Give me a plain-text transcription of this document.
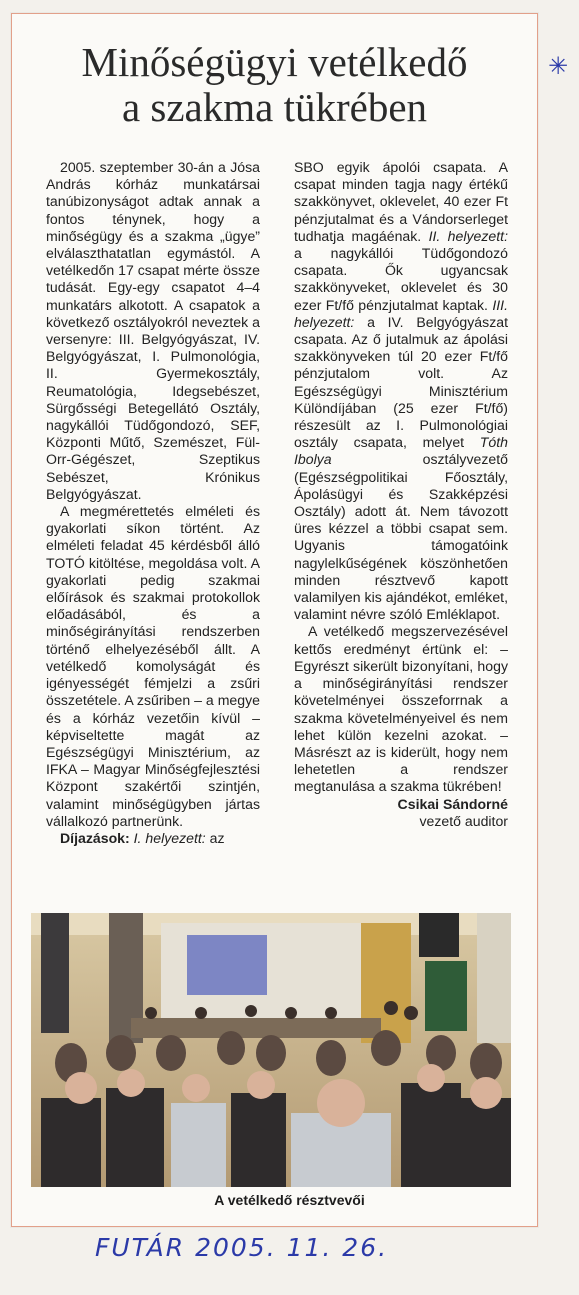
Minőségügyi vetélkedő
a szakma tükrében

2005. szeptember 30-án a Jósa András kórház munkatársai tanúbizonyságot adtak annak a fontos ténynek, hogy a minőségügy és a szakma „ügye” elválaszthatatlan egymástól. A vetélkedőn 17 csapat mérte össze tudását. Egy-egy csapatot 4–4 munkatárs alkotott. A csapatok a következő osztályokról neveztek a versenyre: III. Belgyógyászat, IV. Belgyógyászat, I. Pulmonológia, II. Gyermekosztály, Reumatológia, Idegsebészet, Sürgősségi Betegellátó Osztály, nagykállói Tüdőgondozó, SEF, Központi Műtő, Szemészet, Fül-Orr-Gégészet, Szeptikus Sebészet, Krónikus Belgyógyászat.

A megmérettetés elméleti és gyakorlati síkon történt. Az elméleti feladat 45 kérdésből álló TOTÓ kitöltése, megoldása volt. A gyakorlati pedig szakmai előírások és szakmai protokollok előadásából, és a minőségirányítási rendszerben történő elhelyezéséből állt. A vetélkedő komolyságát és igényességét fémjelzi a zsűri összetétele. A zsűriben – a megye és a kórház vezetőin kívül – képviseltette magát az Egészségügyi Minisztérium, az IFKA – Magyar Minőségfejlesztési Központ szakértői szintjén, valamint minőségügyben jártas vállalkozó partnerünk.

Díjazások: I. helyezett: az

SBO egyik ápolói csapata. A csapat minden tagja nagy értékű szakkönyvet, oklevelet, 40 ezer Ft pénzjutalmat és a Vándorserleget tudhatja magáénak. II. helyezett: a nagykállói Tüdőgondozó csapata. Ők ugyancsak szakkönyveket, oklevelet és 30 ezer Ft/fő pénzjutalmat kaptak. III. helyezett: a IV. Belgyógyászat csapata. Az ő jutalmuk az ápolási szakkönyveken túl 20 ezer Ft/fő pénzjutalom volt. Az Egészségügyi Minisztérium Különdíjában (25 ezer Ft/fő) részesült az I. Pulmonológiai osztály csapata, melyet Tóth Ibolya	osztályvezető (Egészségpolitikai Főosztály, Ápolásügyi és Szakképzési Osztály) adott át. Nem távozott üres kézzel a többi csapat sem. Ugyanis támogatóink nagylelkűségének köszönhetően minden résztvevő kapott valamilyen kis ajándékot, emléket, valamint névre szóló Emléklapot.

A vetélkedő megszervezésével kettős eredményt értünk el: – Egyrészt sikerült bizonyítani, hogy a minőségirányítási rendszer követelményei összeforrnak a szakma követelményeivel és nem lehet külön kezelni azokat. – Másrészt az is kiderült, hogy nem lehetetlen a rendszer megtanulása a szakma tükrében!

Csikai Sándorné

vezető auditor

A vetélkedő résztvevői
FUTÁR 2005. 11. 26.
✳
